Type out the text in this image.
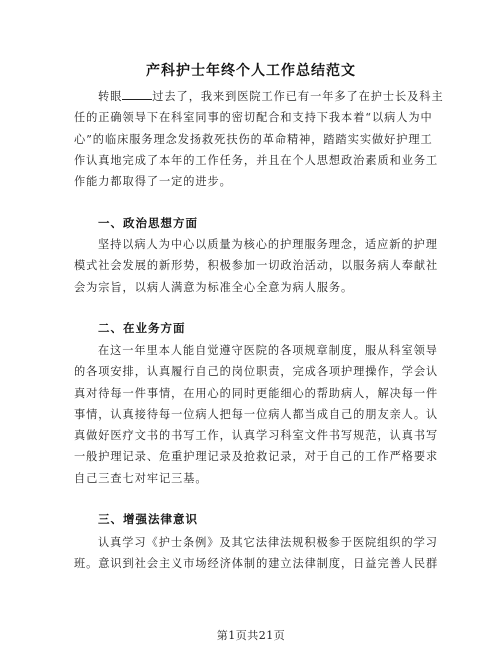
产科护士年终个人工作总结范文
转眼	过去了，我来到医院工作已有一年多了在护士长及科主
任的正确领导下在科室同事的密切配合和支持下我本着“以病人为中
心”的临床服务理念发扬救死扶伤的革命精神，踏踏实实做好护理工
作认真地完成了本年的工作任务，并且在个人思想政治素质和业务工
作能力都取得了一定的进步。
一、政治思想方面
坚持以病人为中心以质量为核心的护理服务理念，适应新的护理
模式社会发展的新形势，积极参加一切政治活动，以服务病人奉献社
会为宗旨，以病人满意为标准全心全意为病人服务。
二、在业务方面
在这一年里本人能自觉遵守医院的各项规章制度，服从科室领导
的各项安排，认真履行自己的岗位职责，完成各项护理操作，学会认
真对待每一件事情，在用心的同时更能细心的帮助病人，解决每一件
事情，认真接待每一位病人把每一位病人都当成自己的朋友亲人。认
真做好医疗文书的书写工作，认真学习科室文件书写规范，认真书写
一般护理记录、危重护理记录及抢救记录，对于自己的工作严格要求
自己三查七对牢记三基。
三、增强法律意识
认真学习《护士条例》及其它法律法规积极参于医院组织的学习
班。意识到社会主义市场经济体制的建立法律制度，日益完善人民群
第1页共21页
